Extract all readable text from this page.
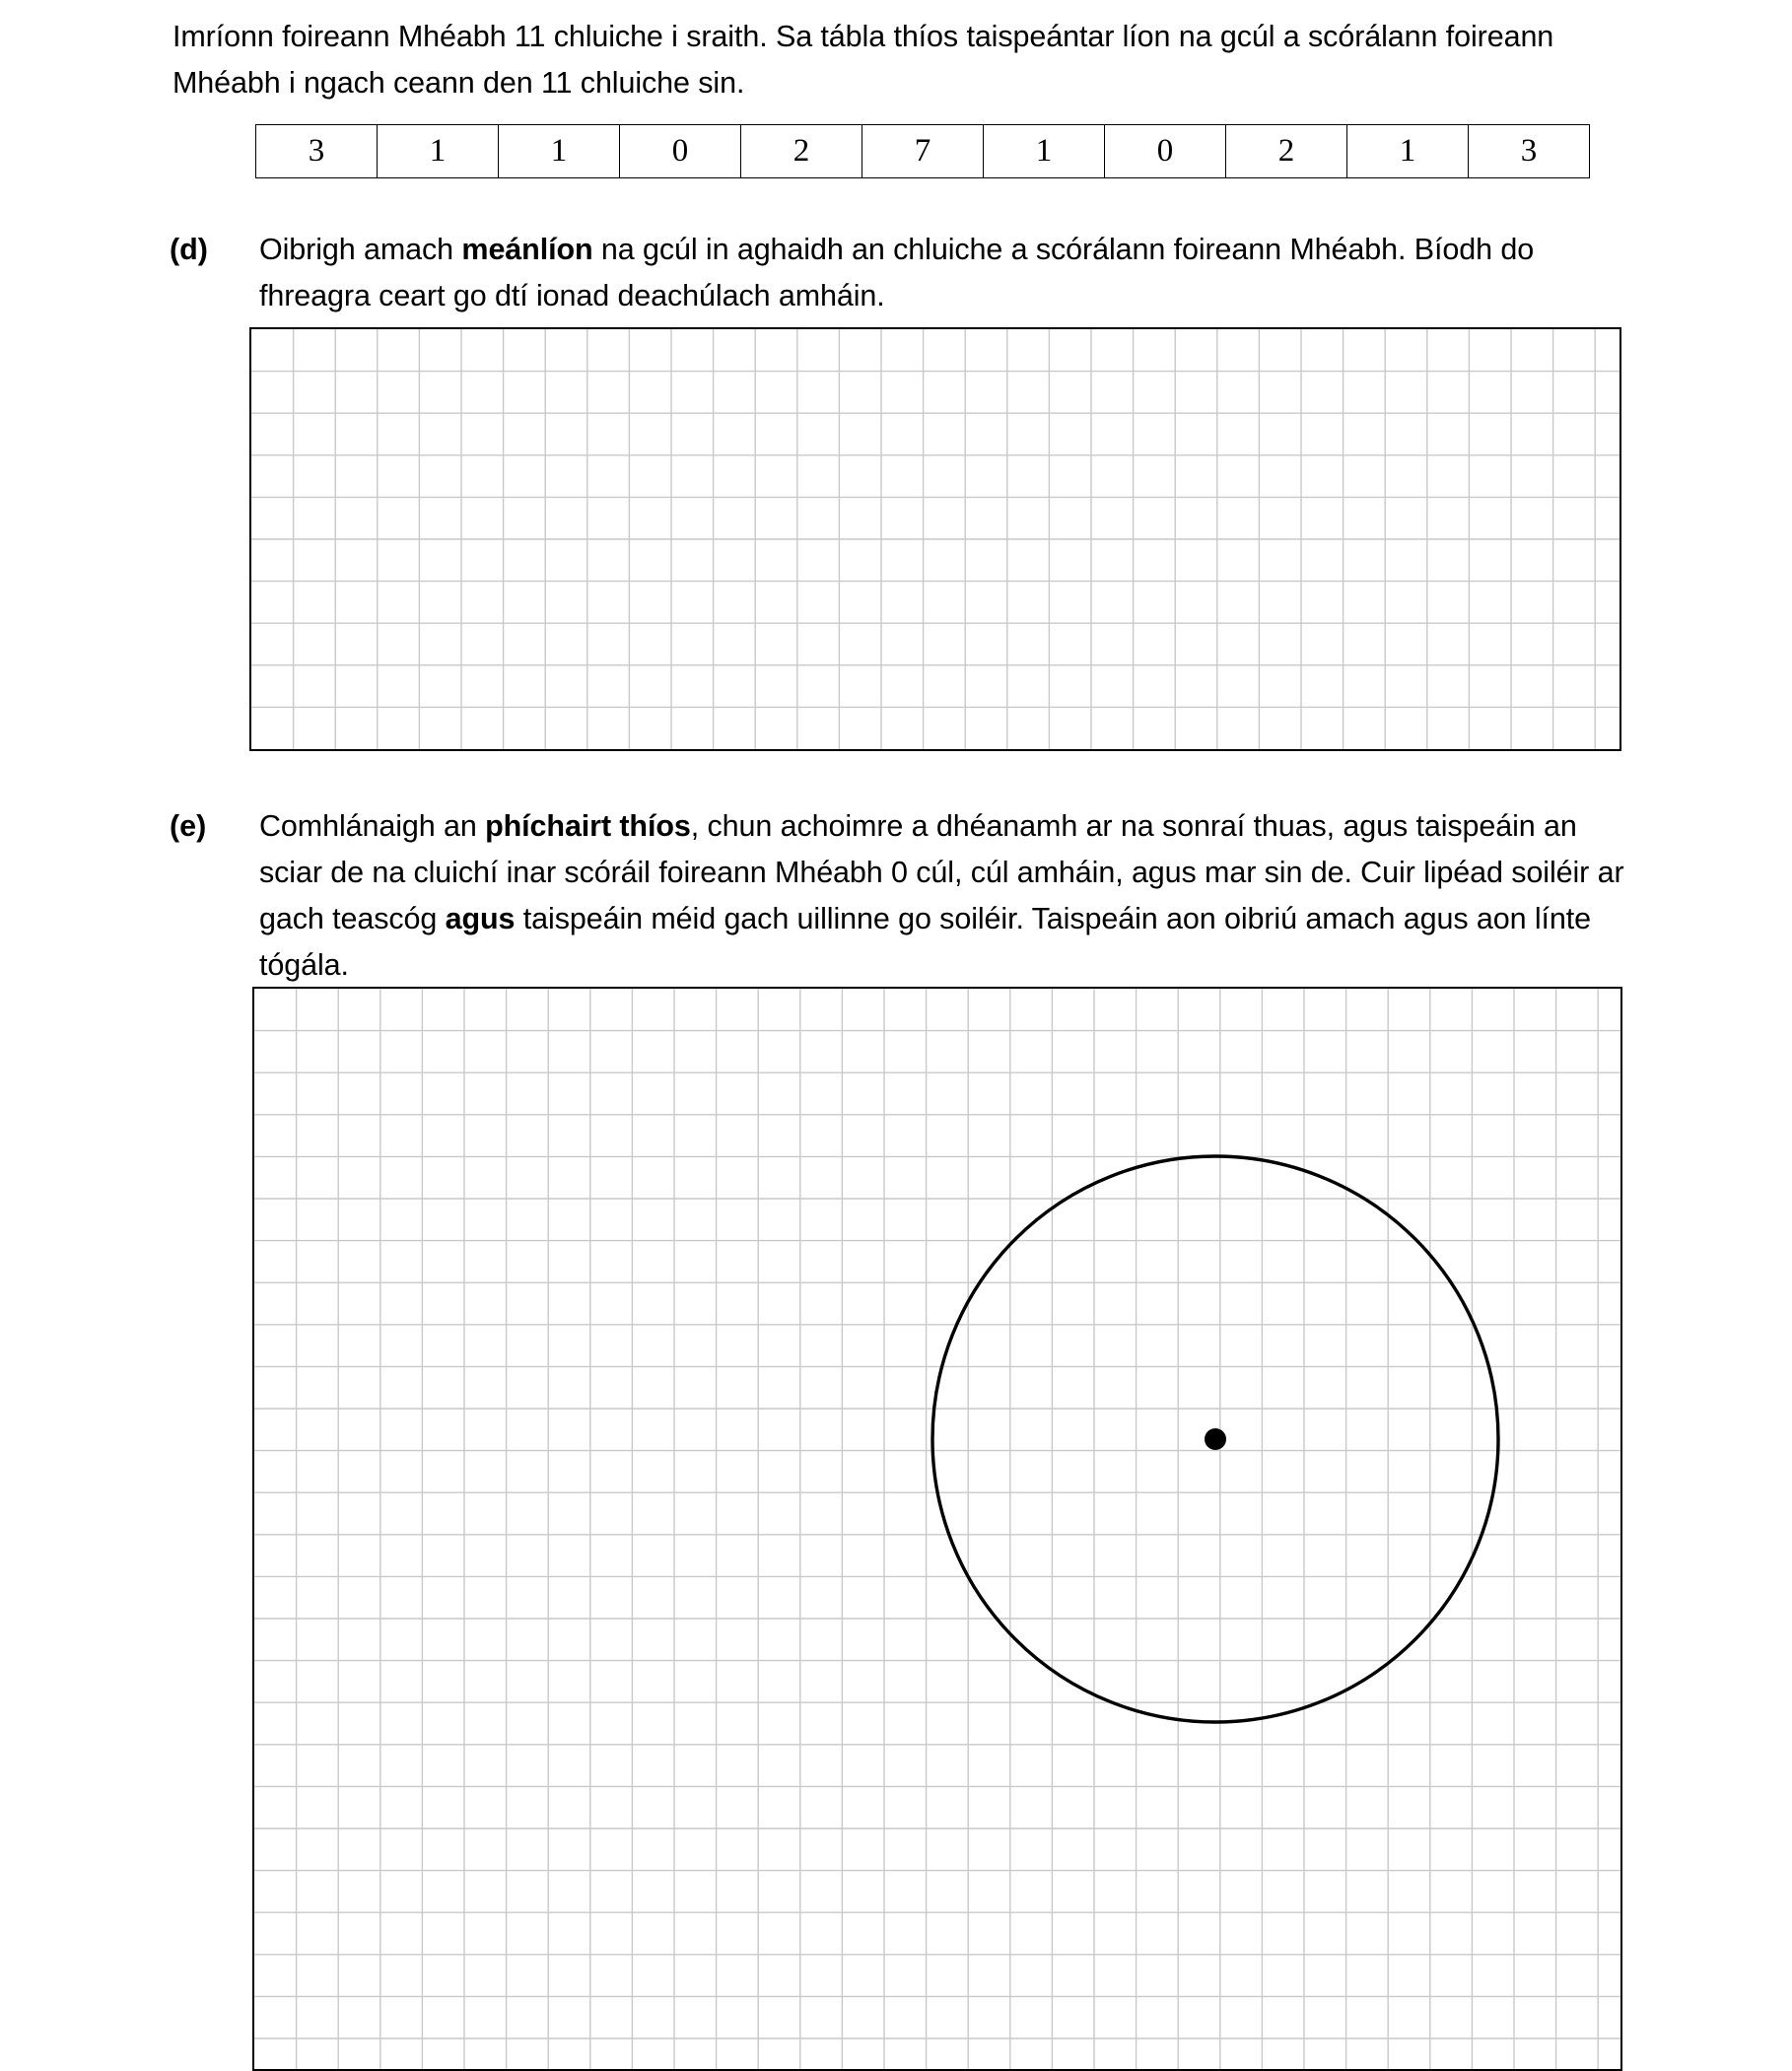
Imríonn foireann Mhéabh 11 chluiche i sraith. Sa tábla thíos taispeántar líon na gcúl a scórálann foireann Mhéabh i ngach ceann den 11 chluiche sin.
3	1	1	0	2	7	1	0	2	1	3
(d) Oibrigh amach meánlíon na gcúl in aghaidh an chluiche a scórálann foireann Mhéabh. Bíodh do fhreagra ceart go dtí ionad deachúlach amháin.
(e) Comhlánaigh an phíchairt thíos, chun achoimre a dhéanamh ar na sonraí thuas, agus taispeáin an sciar de na cluichí inar scóráil foireann Mhéabh 0 cúl, cúl amháin, agus mar sin de. Cuir lipéad soiléir ar gach teascóg agus taispeáin méid gach uillinne go soiléir. Taispeáin aon oibriú amach agus aon línte tógála.
